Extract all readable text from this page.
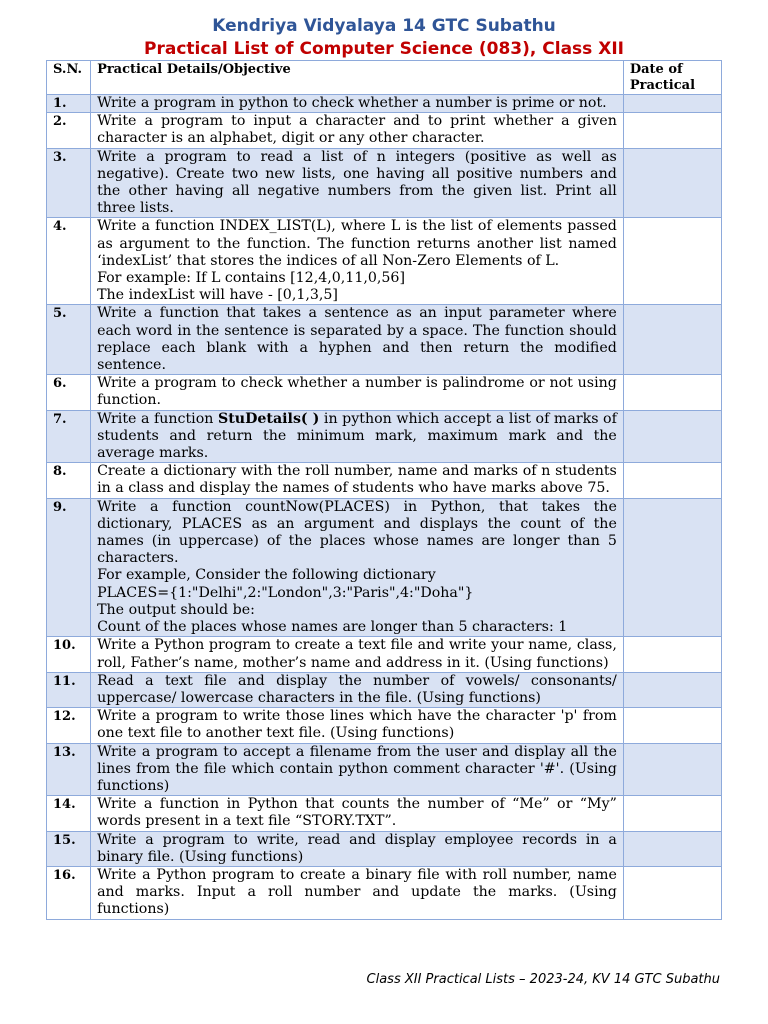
Kendriya Vidyalaya 14 GTC Subathu
Practical List of Computer Science (083), Class XII
S.N.	Practical Details/Objective	Date of Practical
1.	Write a program in python to check whether a number is prime or not.	

2.	Write a program to input a character and to print whether a given character is an alphabet, digit or any other character.	

3.	Write a program to read a list of n integers (positive as well as negative). Create two new lists, one having all positive numbers and the other having all negative numbers from the given list. Print all three lists.	

4.	Write a function INDEX_LIST(L), where L is the list of elements passed as argument to the function. The function returns another list named ‘indexList’ that stores the indices of all Non-Zero Elements of L.
For example: If L contains [12,4,0,11,0,56]
The indexList will have - [0,1,3,5]	

5.	Write a function that takes a sentence as an input parameter where each word in the sentence is separated by a space. The function should replace each blank with a hyphen and then return the modified sentence.	

6.	Write a program to check whether a number is palindrome or not using function.	

7.	Write a function StuDetails( ) in python which accept a list of marks of students and return the minimum mark, maximum mark and the average marks.	
8.	Create a dictionary with the roll number, name and marks of n students in a class and display the names of students who have marks above 75.	

9.	Write a function countNow(PLACES) in Python, that takes the dictionary, PLACES as an argument and displays the count of the names (in uppercase) of the places whose names are longer than 5 characters.
For example, Consider the following dictionary
PLACES={1:"Delhi",2:"London",3:"Paris",4:"Doha"}
The output should be:
Count of the places whose names are longer than 5 characters: 1	

10.	Write a Python program to create a text file and write your name, class, roll, Father’s name, mother’s name and address in it. (Using functions)	

11.	Read a text file and display the number of vowels/ consonants/ uppercase/ lowercase characters in the file. (Using functions)	

12.	Write a program to write those lines which have the character 'p' from one text file to another text file. (Using functions)	

13.	Write a program to accept a filename from the user and display all the lines from the file which contain python comment character '#'. (Using functions)	

14.	Write a function in Python that counts the number of “Me” or “My” words present in a text file “STORY.TXT”.	

15.	Write a program to write, read and display employee records in a binary file. (Using functions)	

16.	Write a Python program to create a binary file with roll number, name and marks. Input a roll number and update the marks. (Using functions)	

Class XII Practical Lists – 2023-24, KV 14 GTC Subathu
